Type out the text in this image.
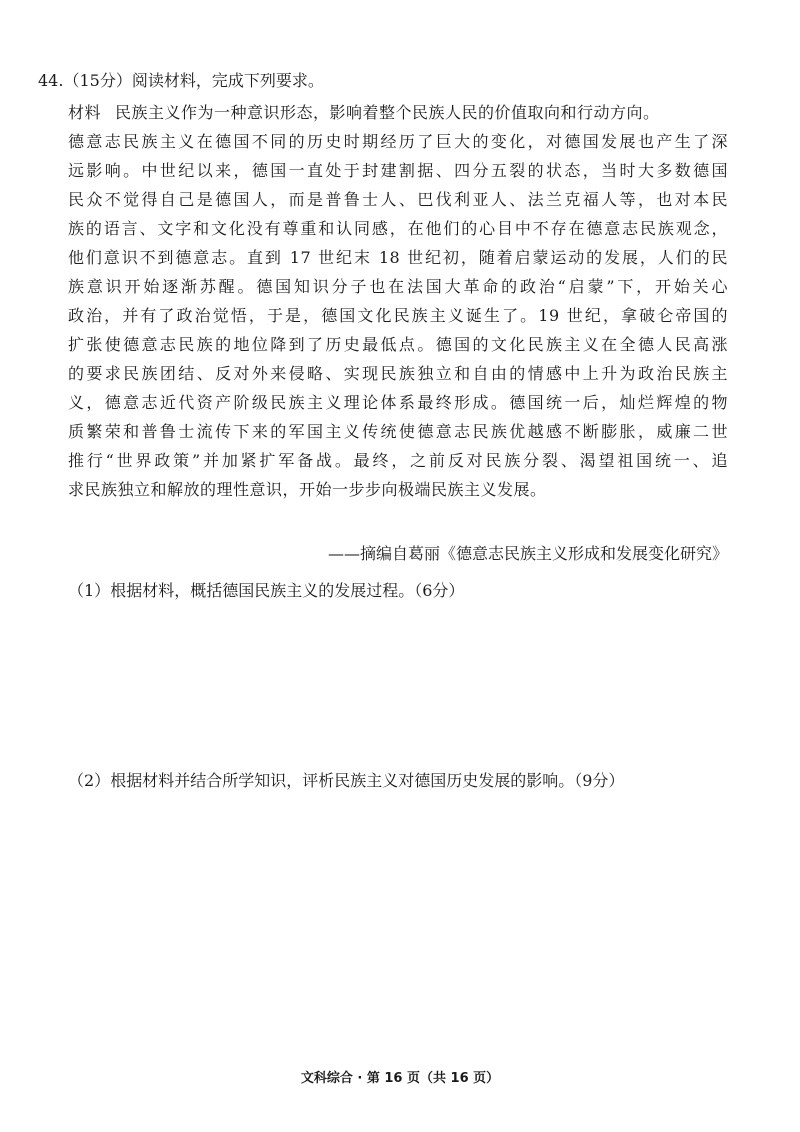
44.（15分）阅读材料，完成下列要求。
材料 民族主义作为一种意识形态，影响着整个民族人民的价值取向和行动方向。
德意志民族主义在德国不同的历史时期经历了巨大的变化，对德国发展也产生了深
远影响。中世纪以来，德国一直处于封建割据、四分五裂的状态，当时大多数德国
民众不觉得自己是德国人，而是普鲁士人、巴伐利亚人、法兰克福人等，也对本民
族的语言、文字和文化没有尊重和认同感，在他们的心目中不存在德意志民族观念，
他们意识不到德意志。直到 17 世纪末 18 世纪初，随着启蒙运动的发展，人们的民
族意识开始逐渐苏醒。德国知识分子也在法国大革命的政治“启蒙”下，开始关心
政治，并有了政治觉悟，于是，德国文化民族主义诞生了。19 世纪，拿破仑帝国的
扩张使德意志民族的地位降到了历史最低点。德国的文化民族主义在全德人民高涨
的要求民族团结、反对外来侵略、实现民族独立和自由的情感中上升为政治民族主
义，德意志近代资产阶级民族主义理论体系最终形成。德国统一后，灿烂辉煌的物
质繁荣和普鲁士流传下来的军国主义传统使德意志民族优越感不断膨胀，威廉二世
推行“世界政策”并加紧扩军备战。最终，之前反对民族分裂、渴望祖国统一、追
求民族独立和解放的理性意识，开始一步步向极端民族主义发展。
——摘编自葛丽《德意志民族主义形成和发展变化研究》
（1）根据材料，概括德国民族主义的发展过程。（6分）
（2）根据材料并结合所学知识，评析民族主义对德国历史发展的影响。（9分）
文科综合 · 第 16 页（共 16 页）
